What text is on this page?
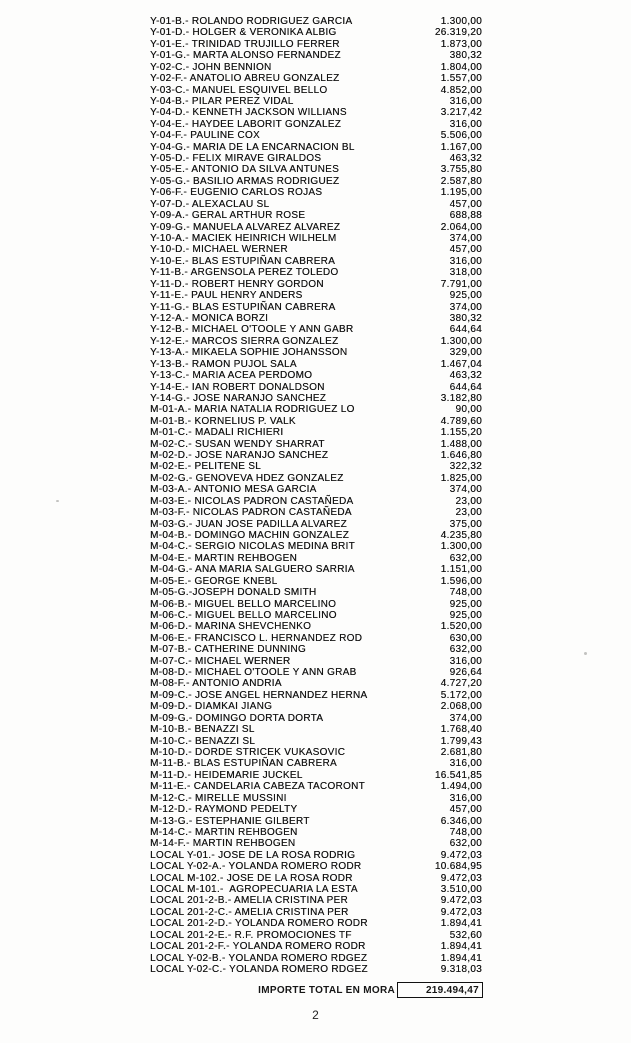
Y-01-B.- ROLANDO RODRIGUEZ GARCIA	1.300,00
Y-01-D.- HOLGER & VERONIKA ALBIG	26.319,20
Y-01-E.- TRINIDAD TRUJILLO FERRER	1.873,00
Y-01-G.- MARTA ALONSO FERNANDEZ	380,32
Y-02-C.- JOHN BENNION	1.804,00
Y-02-F.- ANATOLIO ABREU GONZALEZ	1.557,00
Y-03-C.- MANUEL ESQUIVEL BELLO	4.852,00
Y-04-B.- PILAR PEREZ VIDAL	316,00
Y-04-D.- KENNETH JACKSON WILLIANS	3.217,42
Y-04-E.- HAYDEE LABORIT GONZALEZ	316,00
Y-04-F.- PAULINE COX	5.506,00
Y-04-G.- MARIA DE LA ENCARNACION BL	1.167,00
Y-05-D.- FELIX MIRAVE GIRALDOS	463,32
Y-05-E.- ANTONIO DA SILVA ANTUNES	3.755,80
Y-05-G.- BASILIO ARMAS RODRIGUEZ	2.587,80
Y-06-F.- EUGENIO CARLOS ROJAS	1.195,00
Y-07-D.- ALEXACLAU SL	457,00
Y-09-A.- GERAL ARTHUR ROSE	688,88
Y-09-G.- MANUELA ALVAREZ ALVAREZ	2.064,00
Y-10-A.- MACIEK HEINRICH WILHELM	374,00
Y-10-D.- MICHAEL WERNER	457,00
Y-10-E.- BLAS ESTUPIÑAN CABRERA	316,00
Y-11-B.- ARGENSOLA PEREZ TOLEDO	318,00
Y-11-D.- ROBERT HENRY GORDON	7.791,00
Y-11-E.- PAUL HENRY ANDERS	925,00
Y-11-G.- BLAS ESTUPIÑAN CABRERA	374,00
Y-12-A.- MONICA BORZI	380,32
Y-12-B.- MICHAEL O'TOOLE Y ANN GABR	644,64
Y-12-E.- MARCOS SIERRA GONZALEZ	1.300,00
Y-13-A.- MIKAELA SOPHIE JOHANSSON	329,00
Y-13-B.- RAMON PUJOL SALA	1.467,04
Y-13-C.- MARIA ACEA PERDOMO	463,32
Y-14-E.- IAN ROBERT DONALDSON	644,64
Y-14-G.- JOSE NARANJO SANCHEZ	3.182,80
M-01-A.- MARIA NATALIA RODRIGUEZ LO	90,00
M-01-B.- KORNELIUS P. VALK	4.789,60
M-01-C.- MADALI RICHIERI	1.155,20
M-02-C.- SUSAN WENDY SHARRAT	1.488,00
M-02-D.- JOSE NARANJO SANCHEZ	1.646,80
M-02-E.- PELITENE SL	322,32
M-02-G.- GENOVEVA HDEZ GONZALEZ	1.825,00
M-03-A.- ANTONIO MESA GARCIA	374,00
M-03-E.- NICOLAS PADRON CASTAÑEDA	23,00
M-03-F.- NICOLAS PADRON CASTAÑEDA	23,00
M-03-G.- JUAN JOSE PADILLA ALVAREZ	375,00
M-04-B.- DOMINGO MACHIN GONZALEZ	4.235,80
M-04-C.- SERGIO NICOLAS MEDINA BRIT	1.300,00
M-04-E.- MARTIN REHBOGEN	632,00
M-04-G.- ANA MARIA SALGUERO SARRIA	1.151,00
M-05-E.- GEORGE KNEBL	1.596,00
M-05-G.-JOSEPH DONALD SMITH	748,00
M-06-B.- MIGUEL BELLO MARCELINO	925,00
M-06-C.- MIGUEL BELLO MARCELINO	925,00
M-06-D.- MARINA SHEVCHENKO	1.520,00
M-06-E.- FRANCISCO L. HERNANDEZ ROD	630,00
M-07-B.- CATHERINE DUNNING	632,00
M-07-C.- MICHAEL WERNER	316,00
M-08-D.- MICHAEL O'TOOLE Y ANN GRAB	926,64
M-08-F.- ANTONIO ANDRIA	4.727,20
M-09-C.- JOSE ANGEL HERNANDEZ HERNA	5.172,00
M-09-D.- DIAMKAI JIANG	2.068,00
M-09-G.- DOMINGO DORTA DORTA	374,00
M-10-B.- BENAZZI SL	1.768,40
M-10-C.- BENAZZI SL	1.799,43
M-10-D.- DORDE STRICEK VUKASOVIC	2.681,80
M-11-B.- BLAS ESTUPIÑAN CABRERA	316,00
M-11-D.- HEIDEMARIE JUCKEL	16.541,85
M-11-E.- CANDELARIA CABEZA TACORONT	1.494,00
M-12-C.- MIRELLE MUSSINI	316,00
M-12-D.- RAYMOND PEDELTY	457,00
M-13-G.- ESTEPHANIE GILBERT	6.346,00
M-14-C.- MARTIN REHBOGEN	748,00
M-14-F.- MARTIN REHBOGEN	632,00
LOCAL Y-01.- JOSE DE LA ROSA RODRIG	9.472,03
LOCAL Y-02-A.- YOLANDA ROMERO RODR	10.684,95
LOCAL M-102.- JOSE DE LA ROSA RODR	9.472,03
LOCAL M-101.-  AGROPECUARIA LA ESTA	3.510,00
LOCAL 201-2-B.- AMELIA CRISTINA PER	9.472,03
LOCAL 201-2-C.- AMELIA CRISTINA PER	9.472,03
LOCAL 201-2-D.- YOLANDA ROMERO RODR	1.894,41
LOCAL 201-2-E.- R.F. PROMOCIONES TF	532,60
LOCAL 201-2-F.- YOLANDA ROMERO RODR	1.894,41
LOCAL Y-02-B.- YOLANDA ROMERO RDGEZ	1.894,41
LOCAL Y-02-C.- YOLANDA ROMERO RDGEZ	9.318,03
IMPORTE TOTAL EN MORA	219.494,47
2
